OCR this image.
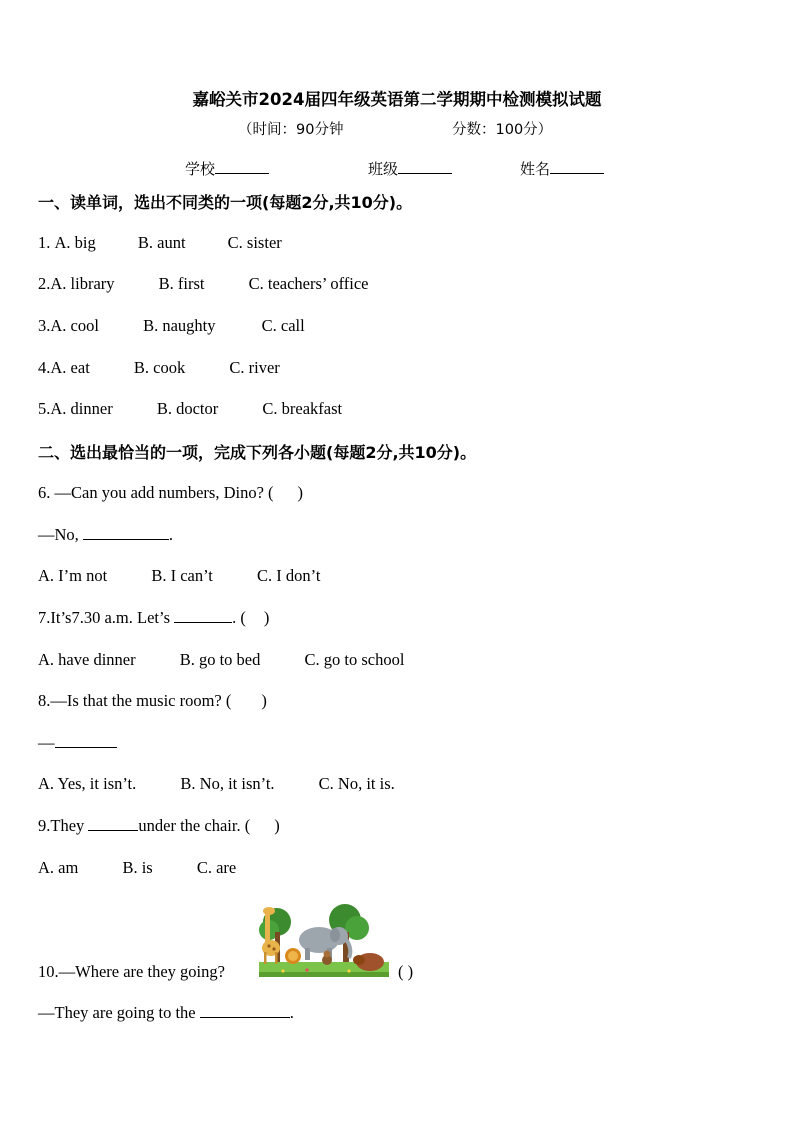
嘉峪关市2024届四年级英语第二学期期中检测模拟试题
（时间：90分钟	分数：100分）
学校	班级	姓名
一、读单词，选出不同类的一项(每题2分,共10分)。
1. A. big	B. aunt	C. sister
2.A. library	B. first	C. teachers’ office
3.A. cool	B. naughty	C. call
4.A. eat	B. cook	C. river
5.A. dinner	B. doctor	C. breakfast
二、选出最恰当的一项，完成下列各小题(每题2分,共10分)。
6. —Can you add numbers, Dino? ( )
—No,	.
A. I’m not	B. I can’t	C. I don’t
7.It’s7.30 a.m. Let’s	. ( )
A. have dinner	B. go to bed	C. go to school
8.—Is that the music room? ( )
—
A. Yes, it isn’t.	B. No, it isn’t.	C. No, it is.
9.They	under the chair. ( )
A. am	B. is	C. are
10.—Where are they going?	( )
—They are going to the	.
